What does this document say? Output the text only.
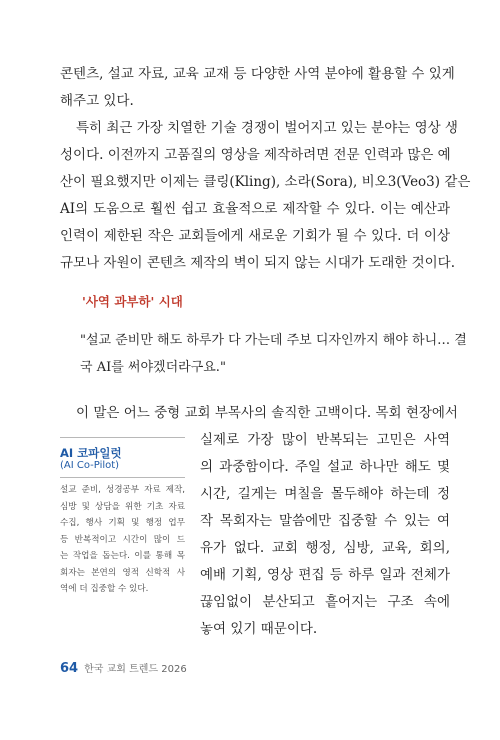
콘텐츠, 설교 자료, 교육 교재 등 다양한 사역 분야에 활용할 수 있게
해주고 있다.
특히 최근 가장 치열한 기술 경쟁이 벌어지고 있는 분야는 영상 생
성이다. 이전까지 고품질의 영상을 제작하려면 전문 인력과 많은 예
산이 필요했지만 이제는 클링(Kling), 소라(Sora), 비오3(Veo3) 같은
AI의 도움으로 훨씬 쉽고 효율적으로 제작할 수 있다. 이는 예산과
인력이 제한된 작은 교회들에게 새로운 기회가 될 수 있다. 더 이상
규모나 자원이 콘텐츠 제작의 벽이 되지 않는 시대가 도래한 것이다.
'사역 과부하' 시대
"설교 준비만 해도 하루가 다 가는데 주보 디자인까지 해야 하니… 결
국 AI를 써야겠더라구요."
이 말은 어느 중형 교회 부목사의 솔직한 고백이다. 목회 현장에서
AI 코파일럿
(AI Co-Pilot)
설교 준비, 성경공부 자료 제작,
심방 및 상담을 위한 기초 자료
수집, 행사 기획 및 행정 업무
등 반복적이고 시간이 많이 드
는 작업을 돕는다. 이를 통해 목
회자는 본연의 영적 신학적 사
역에 더 집중할 수 있다.
실제로 가장 많이 반복되는 고민은 사역
의 과중함이다. 주일 설교 하나만 해도 몇
시간, 길게는 며칠을 몰두해야 하는데 정
작 목회자는 말씀에만 집중할 수 있는 여
유가 없다. 교회 행정, 심방, 교육, 회의,
예배 기획, 영상 편집 등 하루 일과 전체가
끊임없이 분산되고 흩어지는 구조 속에
놓여 있기 때문이다.
64 한국 교회 트렌드 2026
